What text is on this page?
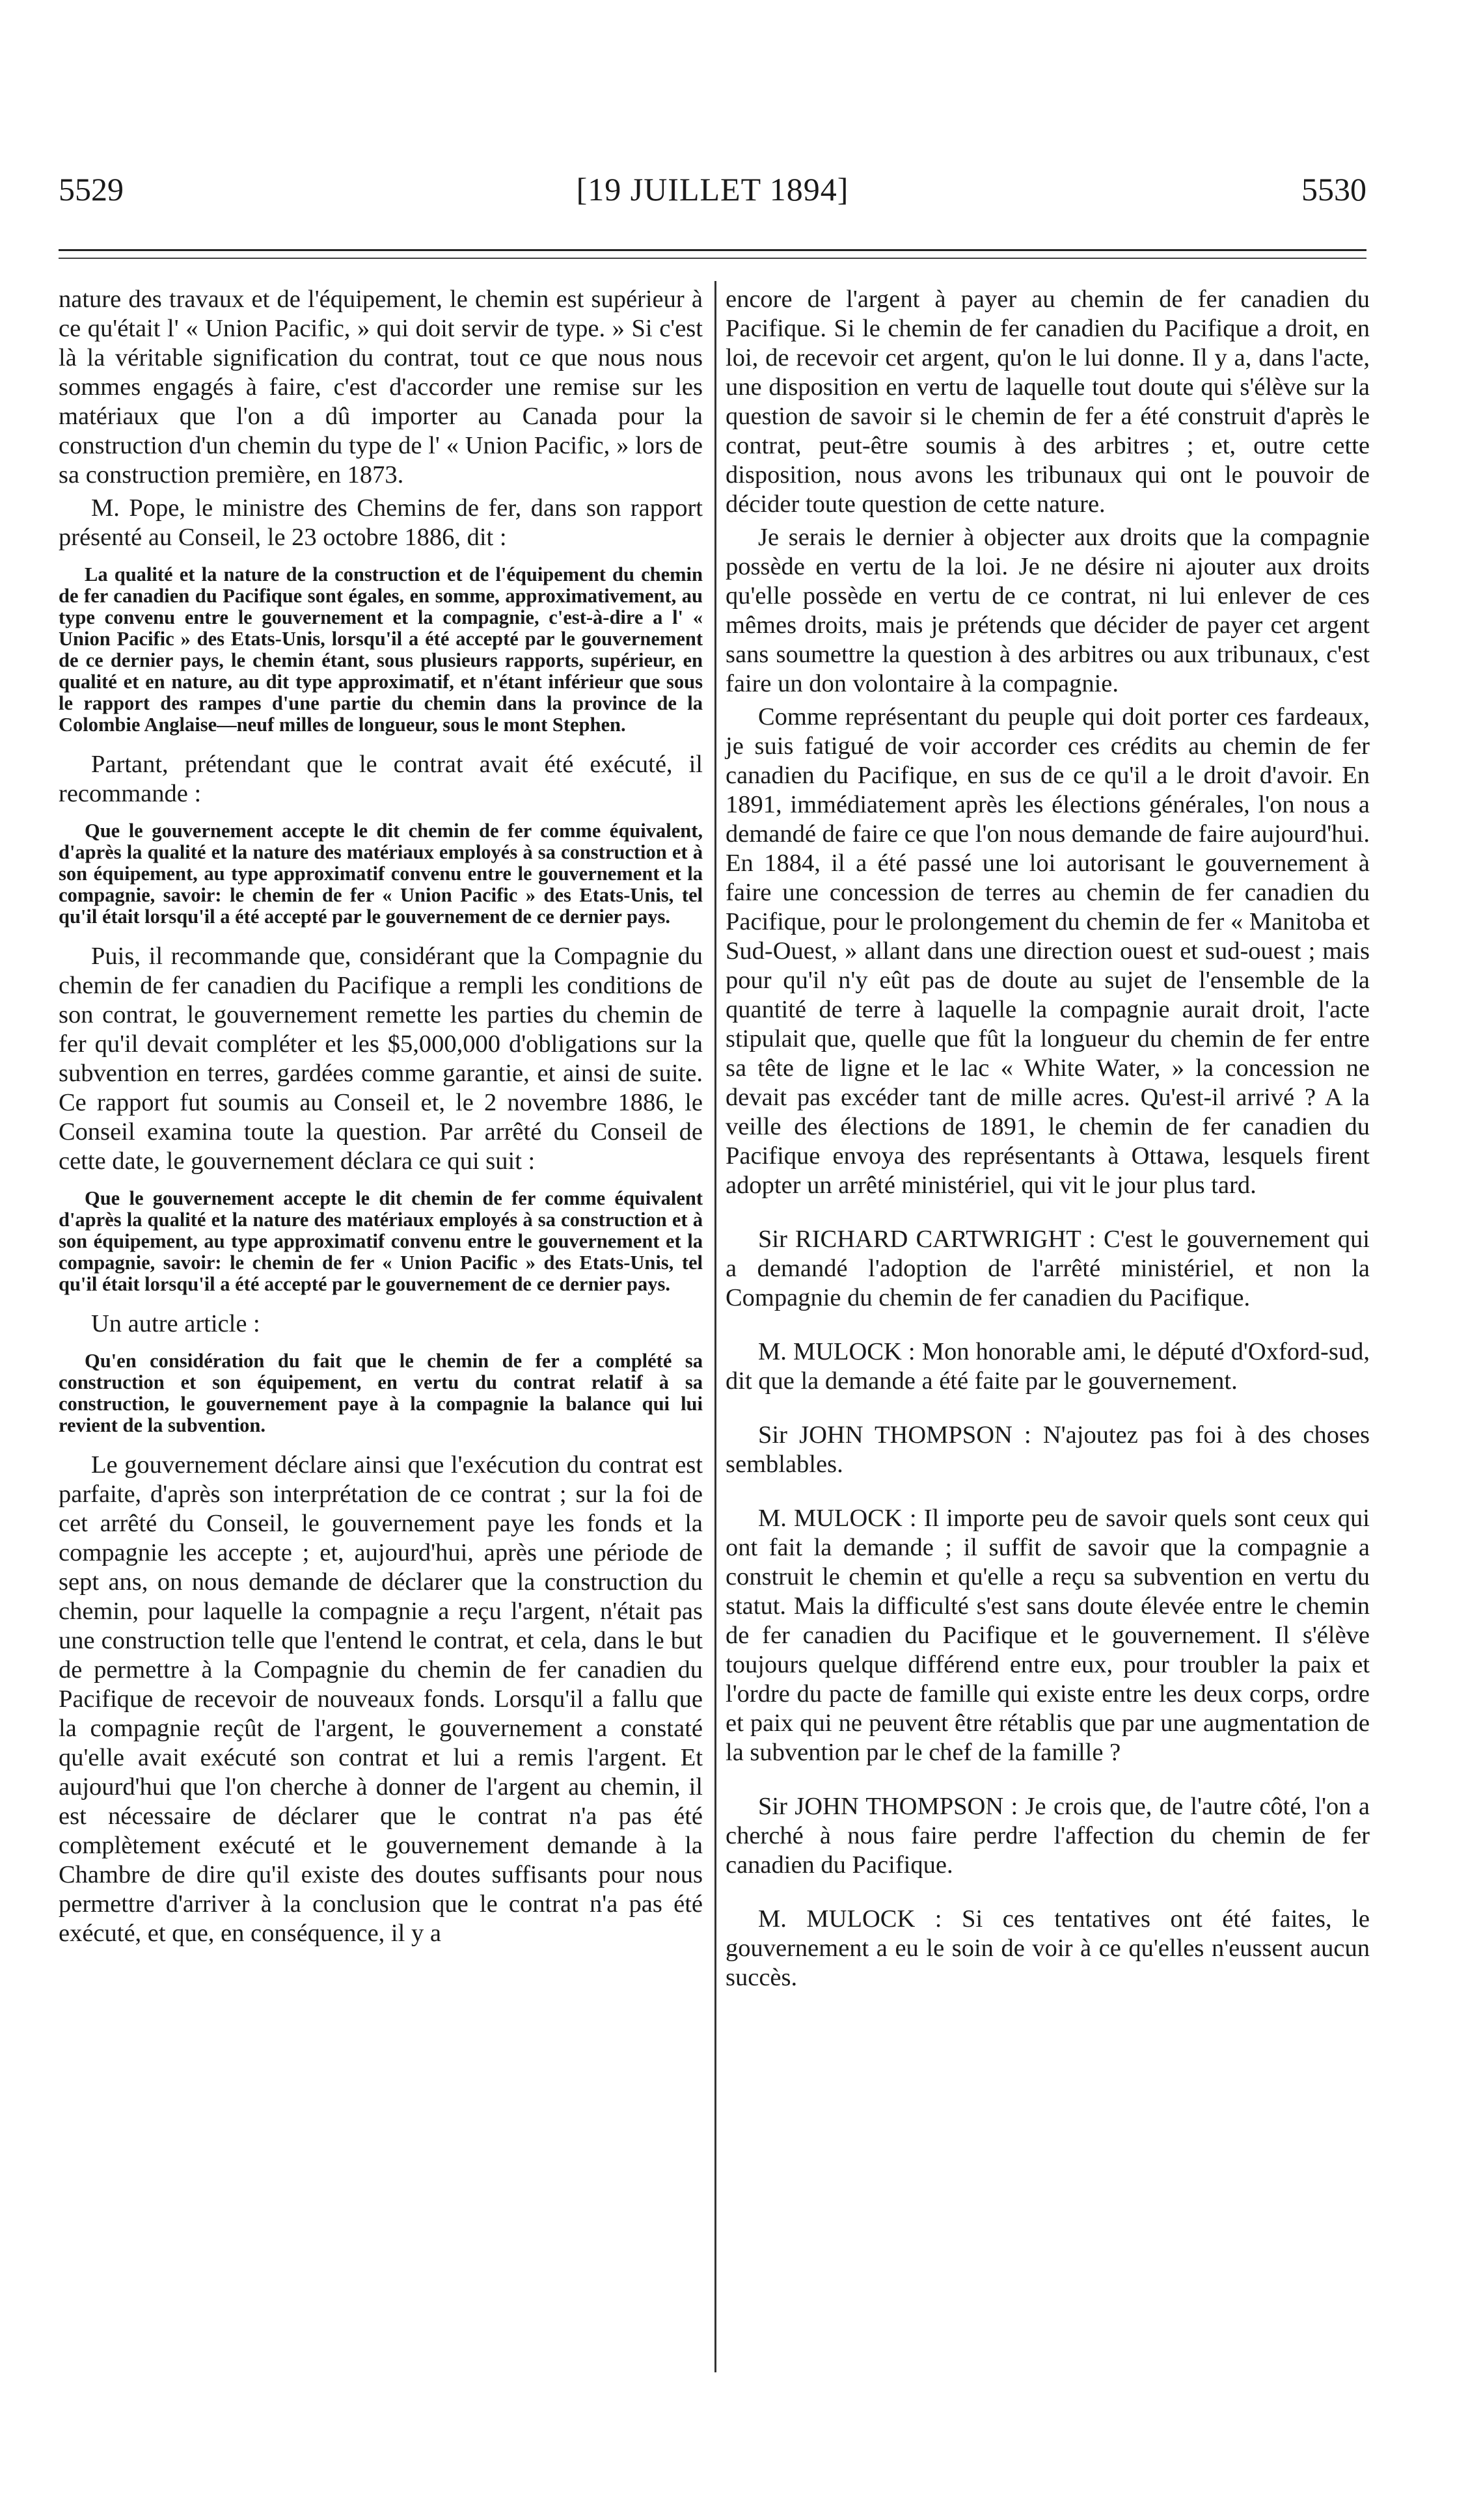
5529	[19 JUILLET 1894]	5530

nature des travaux et de l'équipement, le chemin est supérieur à ce qu'était l' « Union Pacific, » qui doit servir de type. » Si c'est là la véritable signification du contrat, tout ce que nous nous sommes engagés à faire, c'est d'accorder une remise sur les matériaux que l'on a dû importer au Canada pour la construction d'un chemin du type de l' « Union Pacific, » lors de sa construction première, en 1873.

M. Pope, le ministre des Chemins de fer, dans son rapport présenté au Conseil, le 23 octobre 1886, dit :

La qualité et la nature de la construction et de l'équipement du chemin de fer canadien du Pacifique sont égales, en somme, approximativement, au type convenu entre le gouvernement et la compagnie, c'est-à-dire a l' « Union Pacific » des Etats-Unis, lorsqu'il a été accepté par le gouvernement de ce dernier pays, le chemin étant, sous plusieurs rapports, supérieur, en qualité et en nature, au dit type approximatif, et n'étant inférieur que sous le rapport des rampes d'une partie du chemin dans la province de la Colombie Anglaise—neuf milles de longueur, sous le mont Stephen.

Partant, prétendant que le contrat avait été exécuté, il recommande :

Que le gouvernement accepte le dit chemin de fer comme équivalent, d'après la qualité et la nature des matériaux employés à sa construction et à son équipement, au type approximatif convenu entre le gouvernement et la compagnie, savoir: le chemin de fer « Union Pacific » des Etats-Unis, tel qu'il était lorsqu'il a été accepté par le gouvernement de ce dernier pays.

Puis, il recommande que, considérant que la Compagnie du chemin de fer canadien du Pacifique a rempli les conditions de son contrat, le gouvernement remette les parties du chemin de fer qu'il devait compléter et les $5,000,000 d'obligations sur la subvention en terres, gardées comme garantie, et ainsi de suite. Ce rapport fut soumis au Conseil et, le 2 novembre 1886, le Conseil examina toute la question. Par arrêté du Conseil de cette date, le gouvernement déclara ce qui suit :

Que le gouvernement accepte le dit chemin de fer comme équivalent d'après la qualité et la nature des matériaux employés à sa construction et à son équipement, au type approximatif convenu entre le gouvernement et la compagnie, savoir: le chemin de fer « Union Pacific » des Etats-Unis, tel qu'il était lorsqu'il a été accepté par le gouvernement de ce dernier pays.

Un autre article :

Qu'en considération du fait que le chemin de fer a complété sa construction et son équipement, en vertu du contrat relatif à sa construction, le gouvernement paye à la compagnie la balance qui lui revient de la subvention.

Le gouvernement déclare ainsi que l'exécution du contrat est parfaite, d'après son interprétation de ce contrat ; sur la foi de cet arrêté du Conseil, le gouvernement paye les fonds et la compagnie les accepte ; et, aujourd'hui, après une période de sept ans, on nous demande de déclarer que la construction du chemin, pour laquelle la compagnie a reçu l'argent, n'était pas une construction telle que l'entend le contrat, et cela, dans le but de permettre à la Compagnie du chemin de fer canadien du Pacifique de recevoir de nouveaux fonds. Lorsqu'il a fallu que la compagnie reçût de l'argent, le gouvernement a constaté qu'elle avait exécuté son contrat et lui a remis l'argent. Et aujourd'hui que l'on cherche à donner de l'argent au chemin, il est nécessaire de déclarer que le contrat n'a pas été complètement exécuté et le gouvernement demande à la Chambre de dire qu'il existe des doutes suffisants pour nous permettre d'arriver à la conclusion que le contrat n'a pas été exécuté, et que, en conséquence, il y a

encore de l'argent à payer au chemin de fer canadien du Pacifique. Si le chemin de fer canadien du Pacifique a droit, en loi, de recevoir cet argent, qu'on le lui donne. Il y a, dans l'acte, une disposition en vertu de laquelle tout doute qui s'élève sur la question de savoir si le chemin de fer a été construit d'après le contrat, peut-être soumis à des arbitres ; et, outre cette disposition, nous avons les tribunaux qui ont le pouvoir de décider toute question de cette nature.

Je serais le dernier à objecter aux droits que la compagnie possède en vertu de la loi. Je ne désire ni ajouter aux droits qu'elle possède en vertu de ce contrat, ni lui enlever de ces mêmes droits, mais je prétends que décider de payer cet argent sans soumettre la question à des arbitres ou aux tribunaux, c'est faire un don volontaire à la compagnie.

Comme représentant du peuple qui doit porter ces fardeaux, je suis fatigué de voir accorder ces crédits au chemin de fer canadien du Pacifique, en sus de ce qu'il a le droit d'avoir. En 1891, immédiatement après les élections générales, l'on nous a demandé de faire ce que l'on nous demande de faire aujourd'hui. En 1884, il a été passé une loi autorisant le gouvernement à faire une concession de terres au chemin de fer canadien du Pacifique, pour le prolongement du chemin de fer « Manitoba et Sud-Ouest, » allant dans une direction ouest et sud-ouest ; mais pour qu'il n'y eût pas de doute au sujet de l'ensemble de la quantité de terre à laquelle la compagnie aurait droit, l'acte stipulait que, quelle que fût la longueur du chemin de fer entre sa tête de ligne et le lac « White Water, » la concession ne devait pas excéder tant de mille acres. Qu'est-il arrivé ? A la veille des élections de 1891, le chemin de fer canadien du Pacifique envoya des représentants à Ottawa, lesquels firent adopter un arrêté ministériel, qui vit le jour plus tard.

Sir RICHARD CARTWRIGHT : C'est le gouvernement qui a demandé l'adoption de l'arrêté ministériel, et non la Compagnie du chemin de fer canadien du Pacifique.

M. MULOCK : Mon honorable ami, le député d'Oxford-sud, dit que la demande a été faite par le gouvernement.

Sir JOHN THOMPSON : N'ajoutez pas foi à des choses semblables.

M. MULOCK : Il importe peu de savoir quels sont ceux qui ont fait la demande ; il suffit de savoir que la compagnie a construit le chemin et qu'elle a reçu sa subvention en vertu du statut. Mais la difficulté s'est sans doute élevée entre le chemin de fer canadien du Pacifique et le gouvernement. Il s'élève toujours quelque différend entre eux, pour troubler la paix et l'ordre du pacte de famille qui existe entre les deux corps, ordre et paix qui ne peuvent être rétablis que par une augmentation de la subvention par le chef de la famille ?

Sir JOHN THOMPSON : Je crois que, de l'autre côté, l'on a cherché à nous faire perdre l'affection du chemin de fer canadien du Pacifique.

M. MULOCK : Si ces tentatives ont été faites, le gouvernement a eu le soin de voir à ce qu'elles n'eussent aucun succès.
